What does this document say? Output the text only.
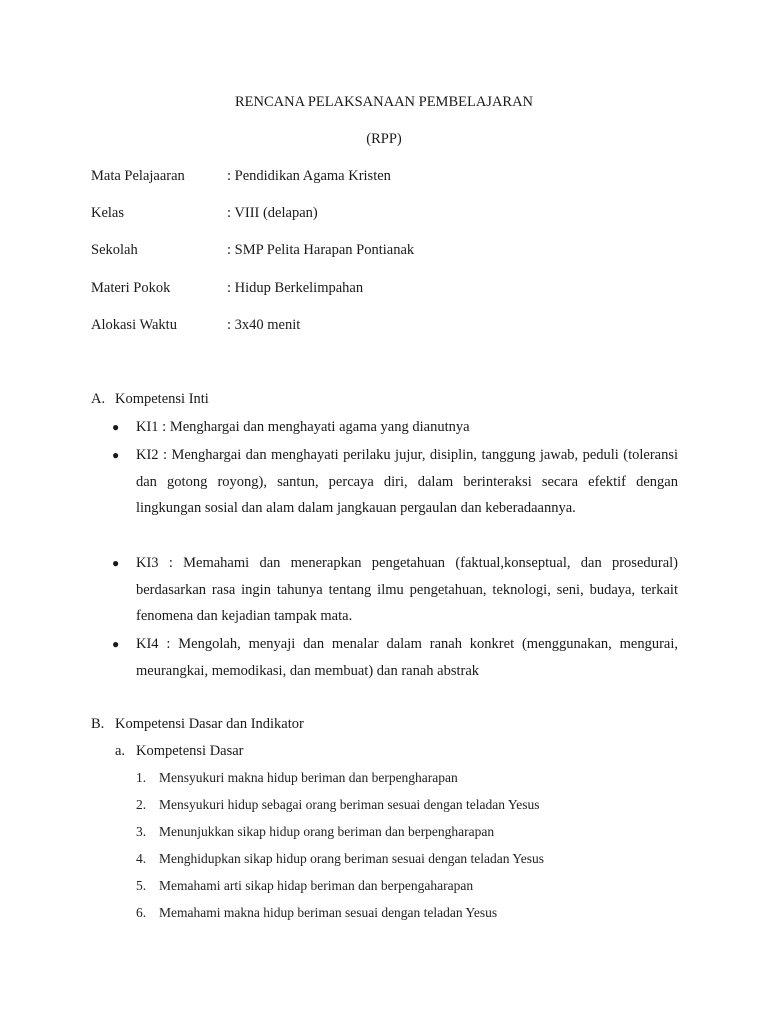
RENCANA PELAKSANAAN PEMBELAJARAN
(RPP)
Mata Pelajaaran	: Pendidikan Agama Kristen
Kelas	: VIII (delapan)
Sekolah	: SMP Pelita Harapan Pontianak
Materi Pokok	: Hidup Berkelimpahan
Alokasi Waktu	: 3x40 menit
A. Kompetensi Inti
● KI1 : Menghargai dan menghayati agama yang dianutnya
● KI2 : Menghargai dan menghayati perilaku jujur, disiplin, tanggung jawab, peduli (toleransi dan gotong royong), santun, percaya diri, dalam berinteraksi secara efektif dengan lingkungan sosial dan alam dalam jangkauan pergaulan dan keberadaannya.
● KI3 : Memahami dan menerapkan pengetahuan (faktual,konseptual, dan prosedural) berdasarkan rasa ingin tahunya tentang ilmu pengetahuan, teknologi, seni, budaya, terkait fenomena dan kejadian tampak mata.
● KI4 : Mengolah, menyaji dan menalar dalam ranah konkret (menggunakan, mengurai, meurangkai, memodikasi, dan membuat) dan ranah abstrak
B. Kompetensi Dasar dan Indikator
a. Kompetensi Dasar
1. Mensyukuri makna hidup beriman dan berpengharapan
2. Mensyukuri hidup sebagai orang beriman sesuai dengan teladan Yesus
3. Menunjukkan sikap hidup orang beriman dan berpengharapan
4. Menghidupkan sikap hidup orang beriman sesuai dengan teladan Yesus
5. Memahami arti sikap hidap beriman dan berpengaharapan
6. Memahami makna hidup beriman sesuai dengan teladan Yesus
